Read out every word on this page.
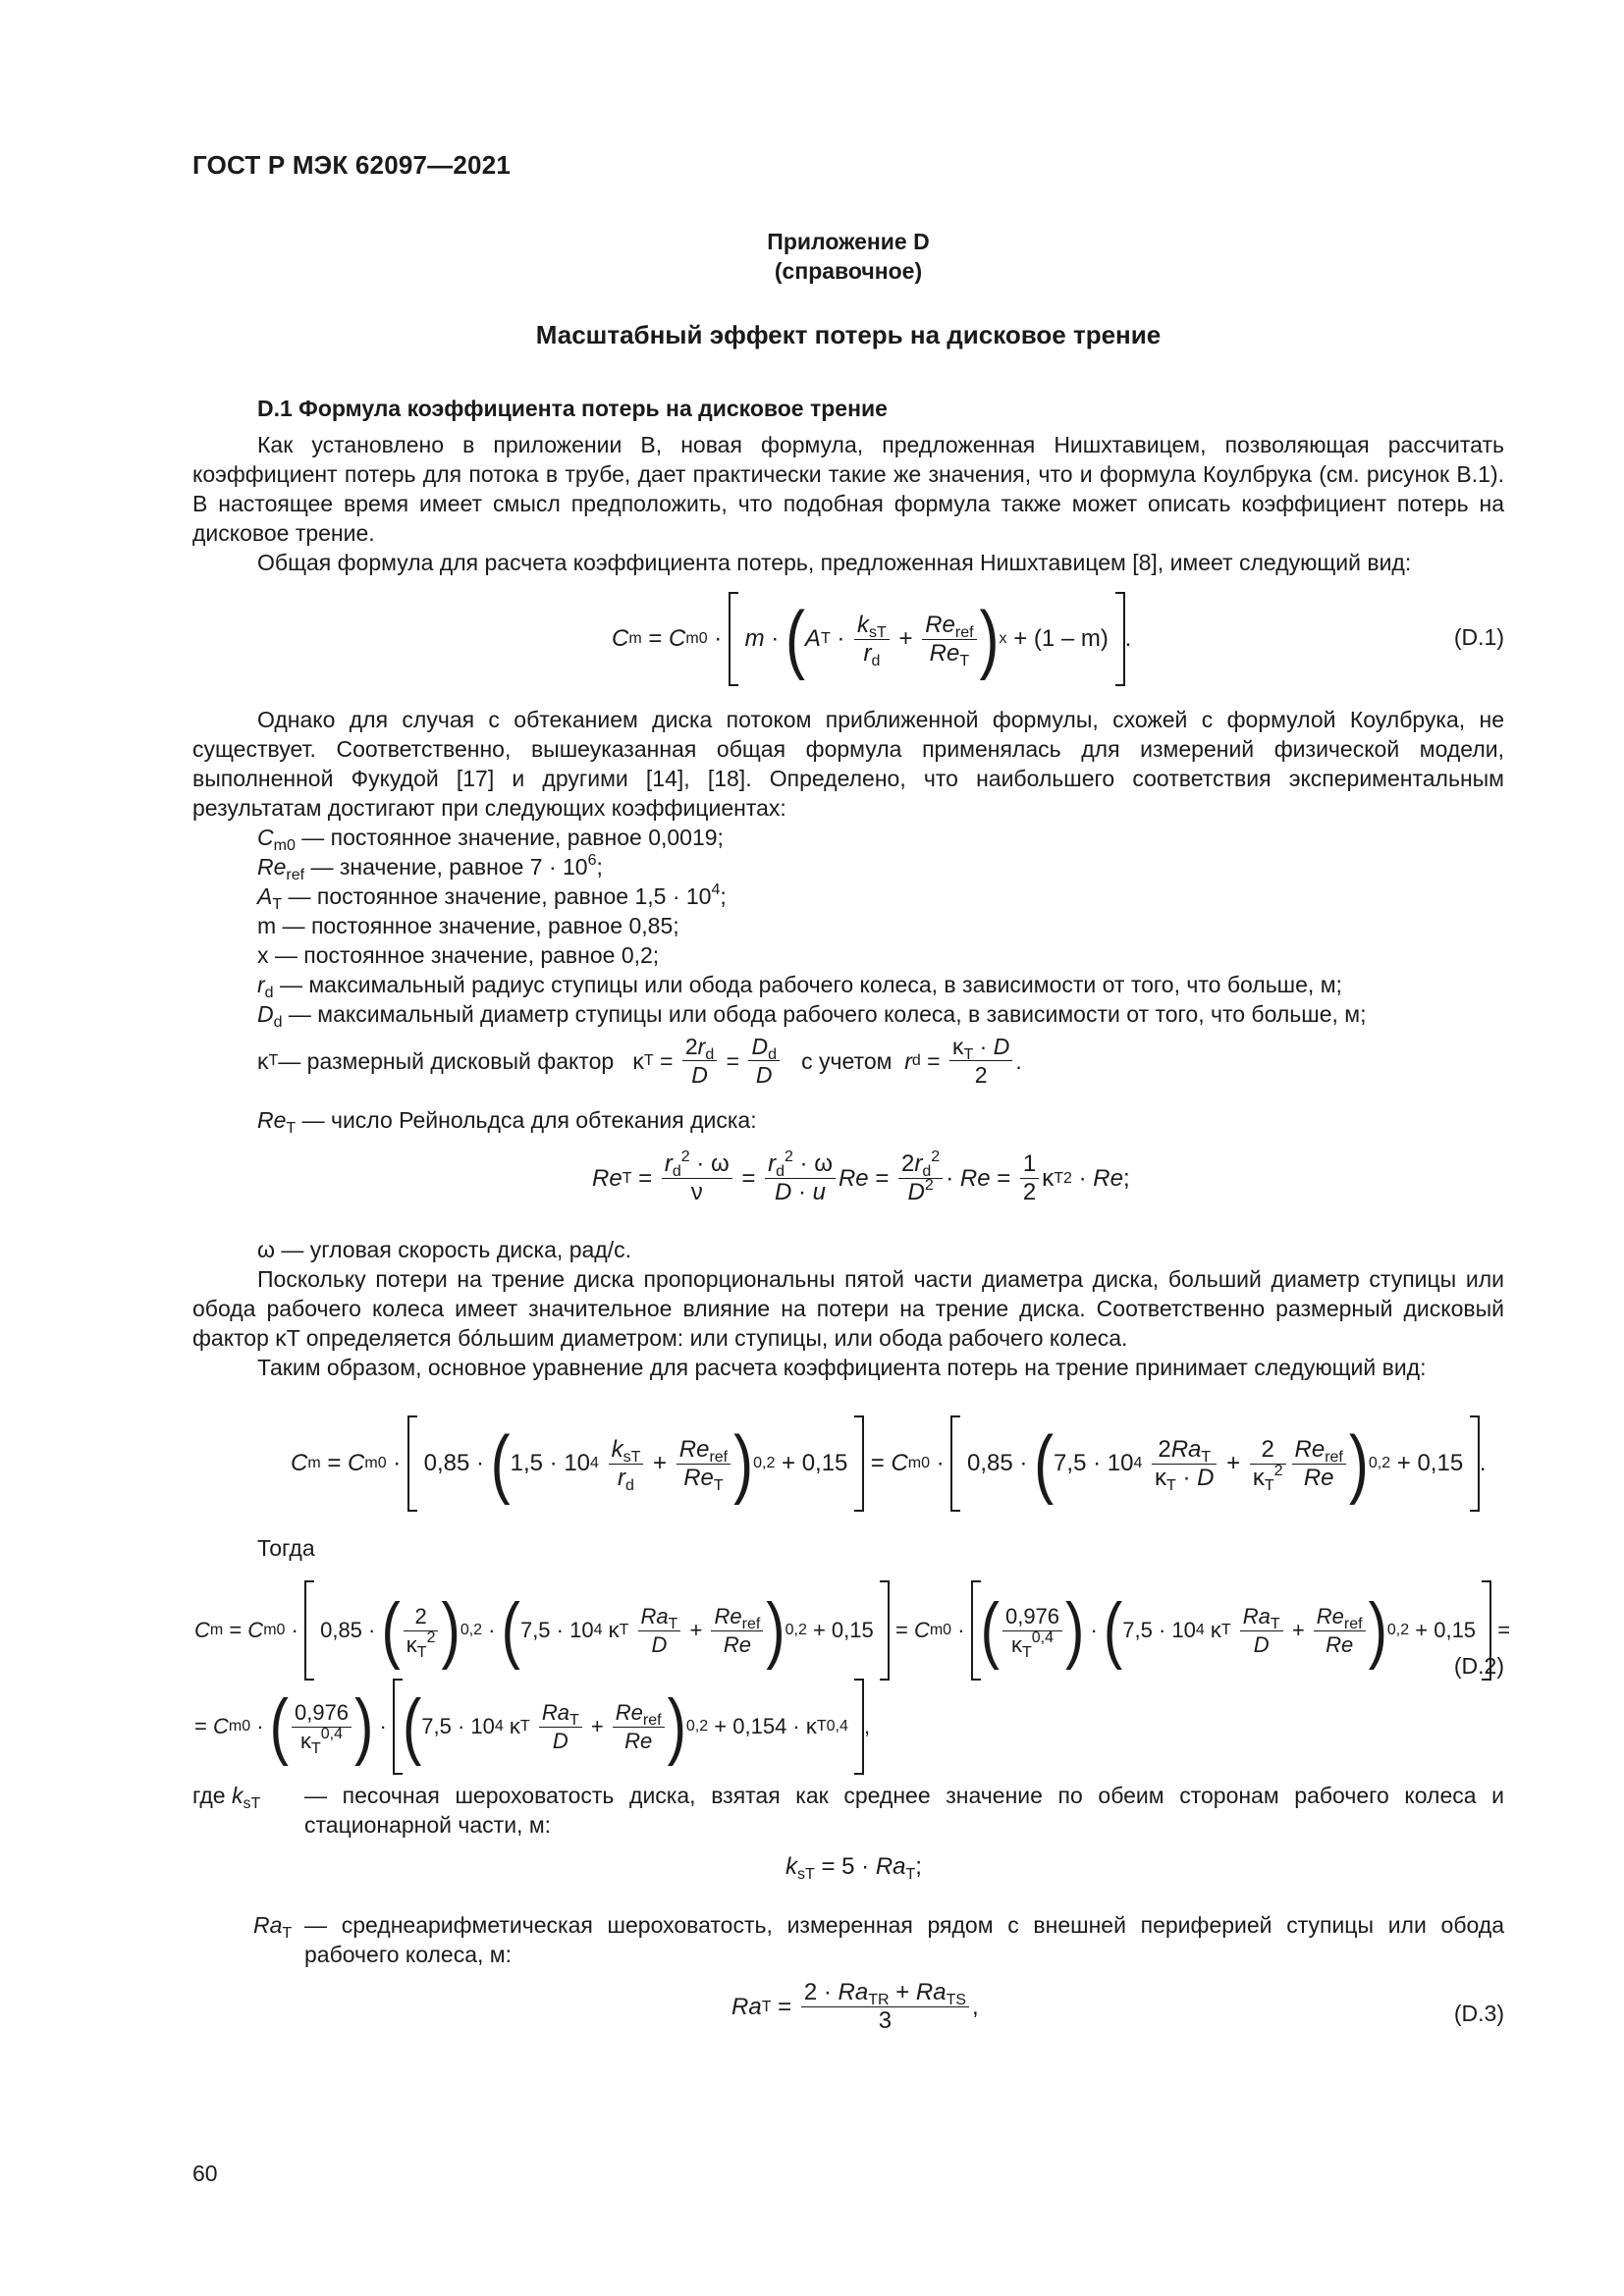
ГОСТ Р МЭК 62097—2021
Приложение D
(справочное)
Масштабный эффект потерь на дисковое трение
D.1 Формула коэффициента потерь на дисковое трение
Как установлено в приложении B, новая формула, предложенная Нишхтавицем, позволяющая рассчитать коэффициент потерь для потока в трубе, дает практически такие же значения, что и формула Коулбрука (см. рисунок B.1). В настоящее время имеет смысл предположить, что подобная формула также может описать коэффициент потерь на дисковое трение.
Общая формула для расчета коэффициента потерь, предложенная Нишхтавицем [8], имеет следующий вид:
C m = C m0 ·
m · ( A $T \cdot \frac{k_{sT}}{r_d} + \frac{Re_{ref}}{Re_T}$ ) x + (1 – m)
.	(D.1)
Однако для случая с обтеканием диска потоком приближенной формулы, схожей с формулой Коулбрука, не существует. Соответственно, вышеуказанная общая формула применялась для измерений физической модели, выполненной Фукудой [17] и другими [14], [18]. Определено, что наибольшего соответствия экспериментальным результатам достигают при следующих коэффициентах:
$C_{m0}$ — постоянное значение, равное 0,0019;
$Re_{ref}$ — значение, равное $7 \cdot 10^6$;
$A_T$ — постоянное значение, равное $1,5 \cdot 10^4$;
m — постоянное значение, равное 0,85;
x — постоянное значение, равное 0,2;
$r_d$ — максимальный радиус ступицы или обода рабочего колеса, в зависимости от того, что больше, м;
$D_d$ — максимальный диаметр ступицы или обода рабочего колеса, в зависимости от того, что больше, м;
κ T — размерный дисковый фактор κ $T = \frac{2r_d}{D} = \frac{D_d}{D}$
с учетом
r $d = \frac{\kappa_T \cdot D}{2}$ .
$Re_T$ — число Рейнольдса для обтекания диска:
Re $T = \frac{r_d^2 \cdot \omega}{\nu} = \frac{r_d^2 \cdot \omega}{D \cdot u}$ $Re = \frac{2r_d^2}{D^2} \cdot Re = \frac{1}{2}$ κ T 2 · Re ;
ω — угловая скорость диска, рад/с.
Поскольку потери на трение диска пропорциональны пятой части диаметра диска, больший диаметр ступицы или обода рабочего колеса имеет значительное влияние на потери на трение диска. Соответственно размерный дисковый фактор κT определяется бо́льшим диаметром: или ступицы, или обода рабочего колеса.
Таким образом, основное уравнение для расчета коэффициента потерь на трение принимает следующий вид:
C m = C m0 ·
0,85 · ( 1,5 · 10 4
$\frac{k_{sT}}{r_d} + \frac{Re_{ref}}{Re_T}$ ) 0,2 + 0,15
= C m0 ·
0,85 · ( 7,5 · 10 4
$\frac{2Ra_T}{\kappa_T \cdot D} + \frac{2}{\kappa_T^2} \frac{Re_{ref}}{Re}$ ) 0,2 + 0,15
.
Тогда
C m = C m0 ·
0,85 · ( $\frac{2}{\kappa_T^2}$ ) 0,2 · ( 7,5 · 10 4 κ T
$\frac{Ra_T}{D} + \frac{Re_{ref}}{Re}$ ) 0,2 + 0,15
= C m0 · ( $\frac{0,976}{\kappa_T^{0,4}}$ ) · ( 7,5 · 10 4 κ T
$\frac{Ra_T}{D} + \frac{Re_{ref}}{Re}$ ) 0,2 + 0,15
=
= C m0 · ( $\frac{0,976}{\kappa_T^{0,4}}$ ) · ( 7,5 · 10 4 κ T
$\frac{Ra_T}{D} + \frac{Re_{ref}}{Re}$ ) 0,2 + 0,154 · κ T 0,4
,
(D.2)
где $k_{sT}$ — песочная шероховатость диска, взятая как среднее значение по обеим сторонам рабочего колеса и стационарной части, м:
$k_{sT} = 5 \cdot Ra_T$;
$Ra_T$ — среднеарифметическая шероховатость, измеренная рядом с внешней периферией ступицы или обода рабочего колеса, м:
Ra $T = \frac{2 \cdot Ra_{TR} + Ra_{TS}}{3}$ ,	(D.3)
60
